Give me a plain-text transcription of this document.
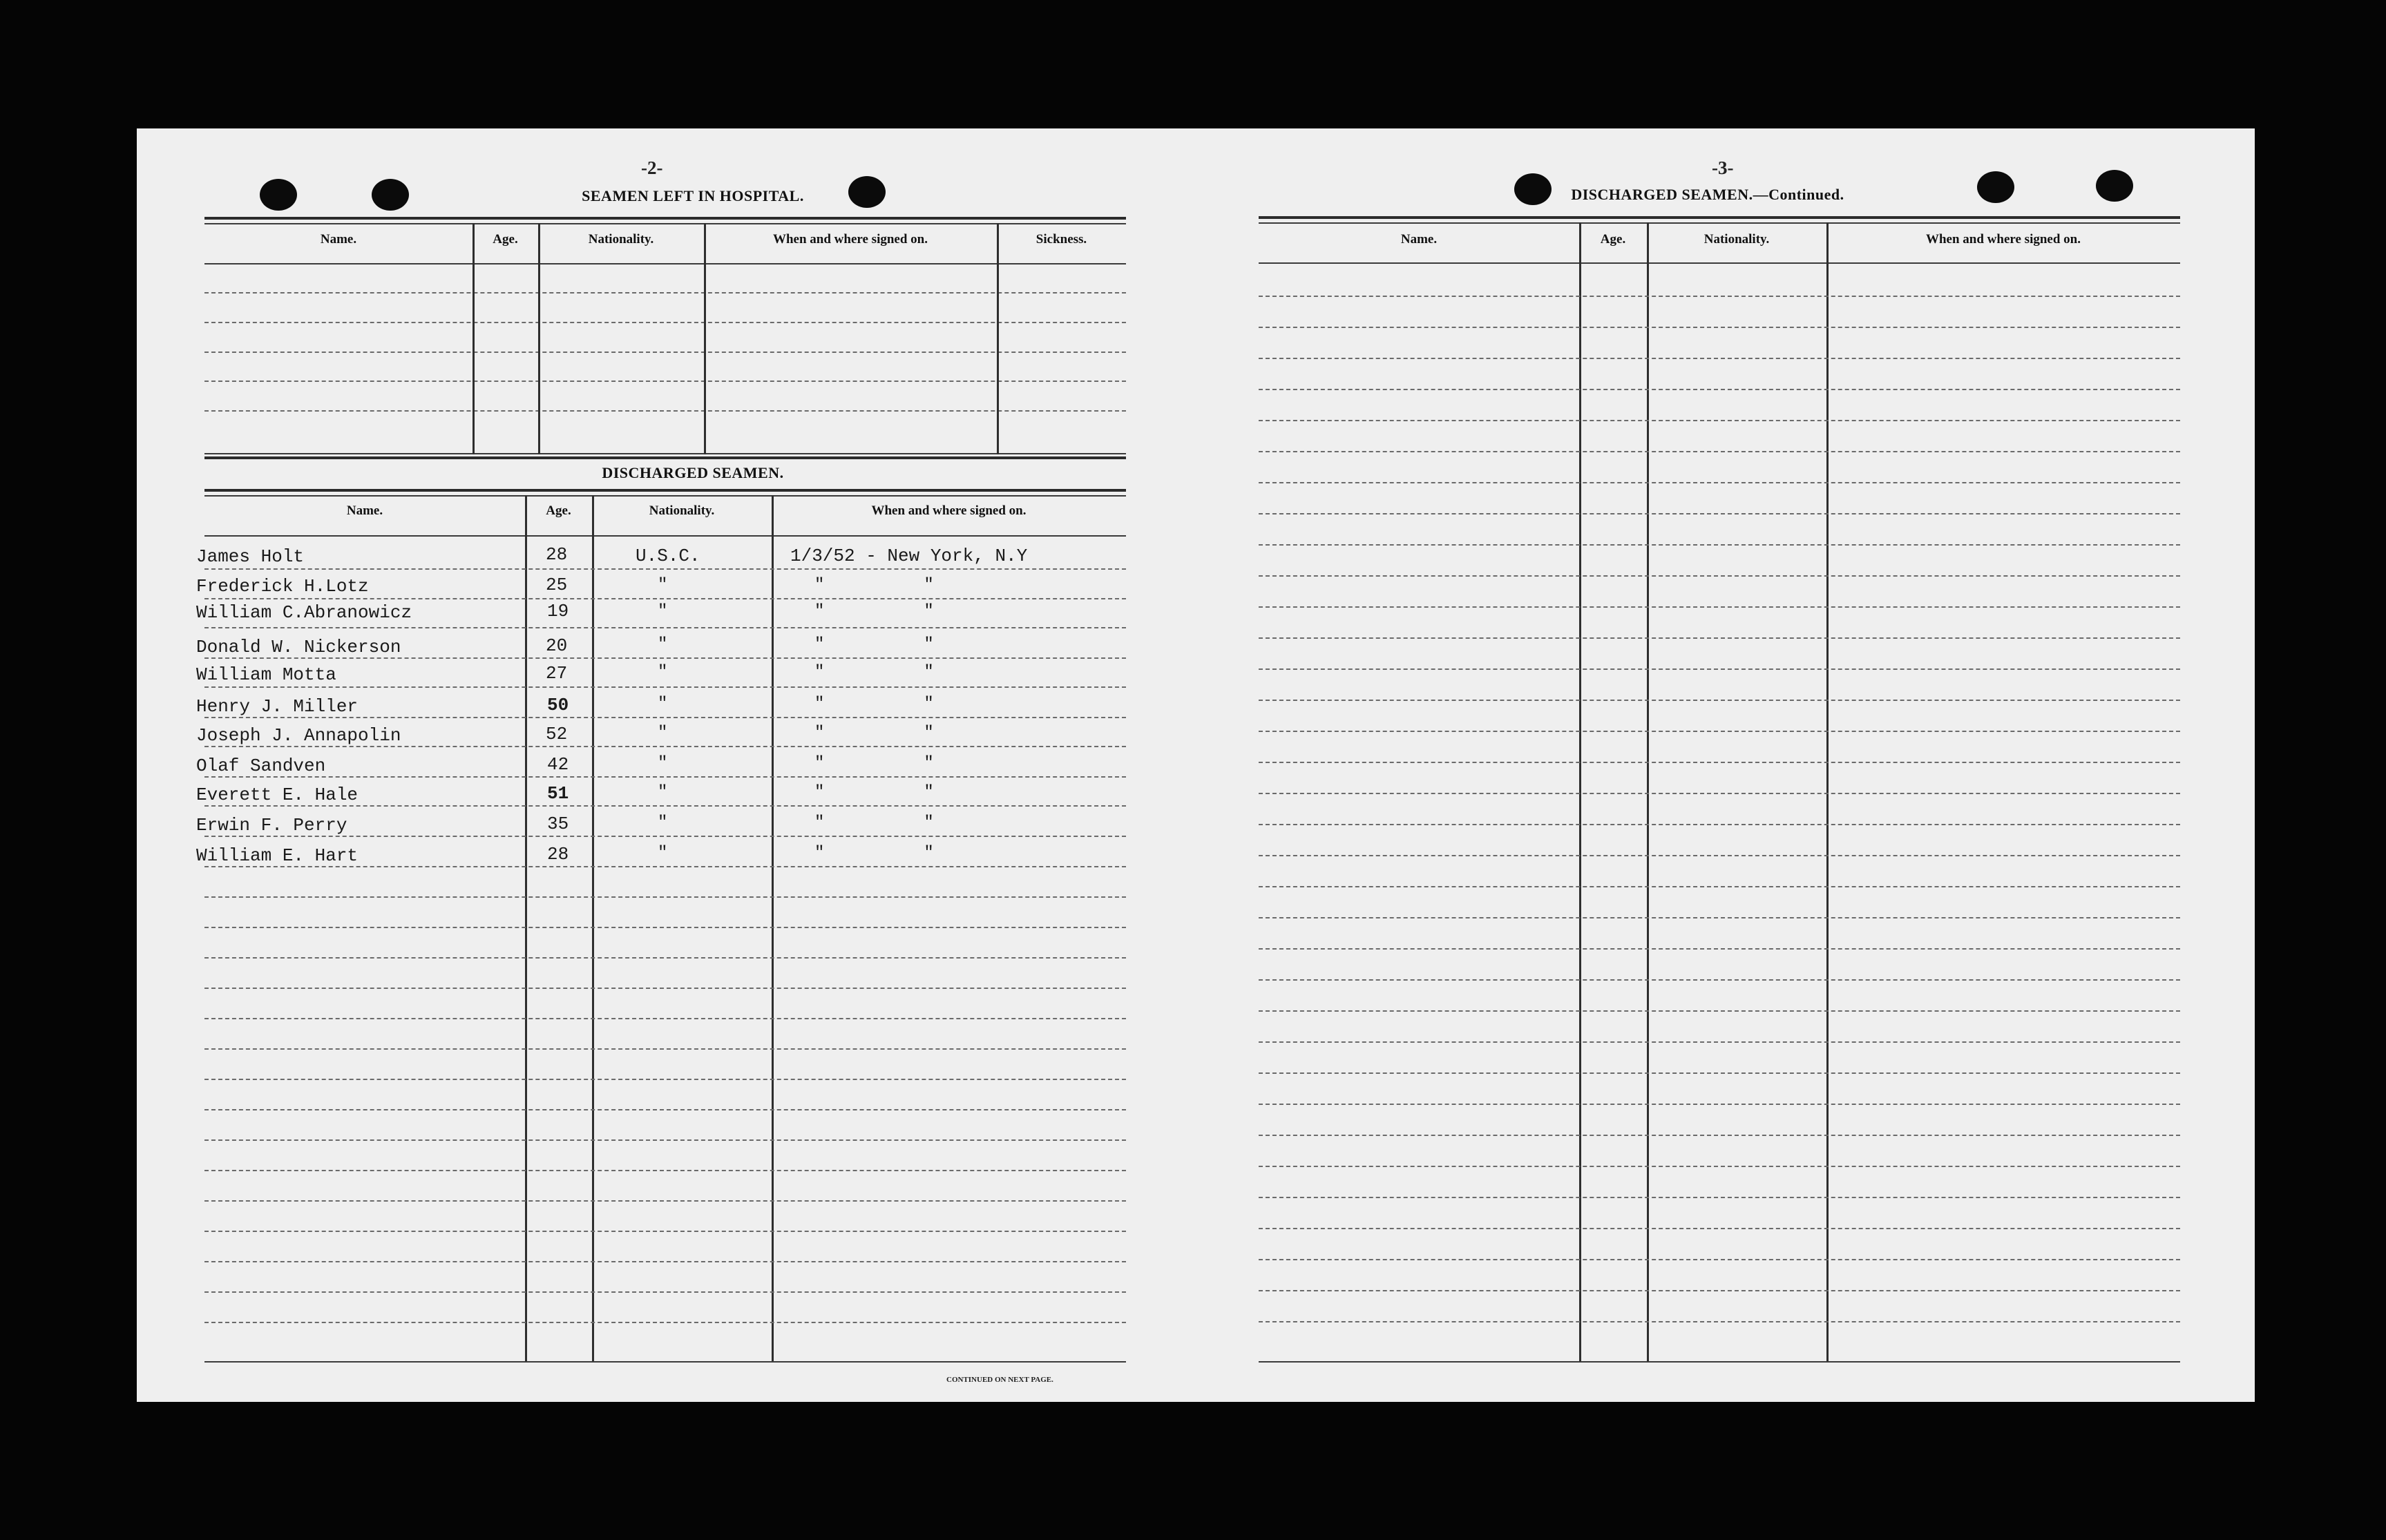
-2-
SEAMEN LEFT IN HOSPITAL.
Name.	Age.	Nationality.	When and where signed on.	Sickness.
DISCHARGED SEAMEN.
Name.	Age.	Nationality.	When and where signed on.
James Holt	28	U.S.C.	1/3/52 - New York, N.Y
Frederick H.Lotz	25	"	"          "
William C.Abranowicz	19	"	"          "
Donald W. Nickerson	20	"	"          "
William Motta	27	"	"          "
Henry J. Miller	50	"	"          "
Joseph J. Annapolin	52	"	"          "
Olaf Sandven	42	"	"          "
Everett E. Hale	51	"	"          "
Erwin F. Perry	35	"	"          "
William E. Hart	28	"	"          "
CONTINUED ON NEXT PAGE.
-3-
DISCHARGED SEAMEN.—Continued.
Name.	Age.	Nationality.	When and where signed on.
